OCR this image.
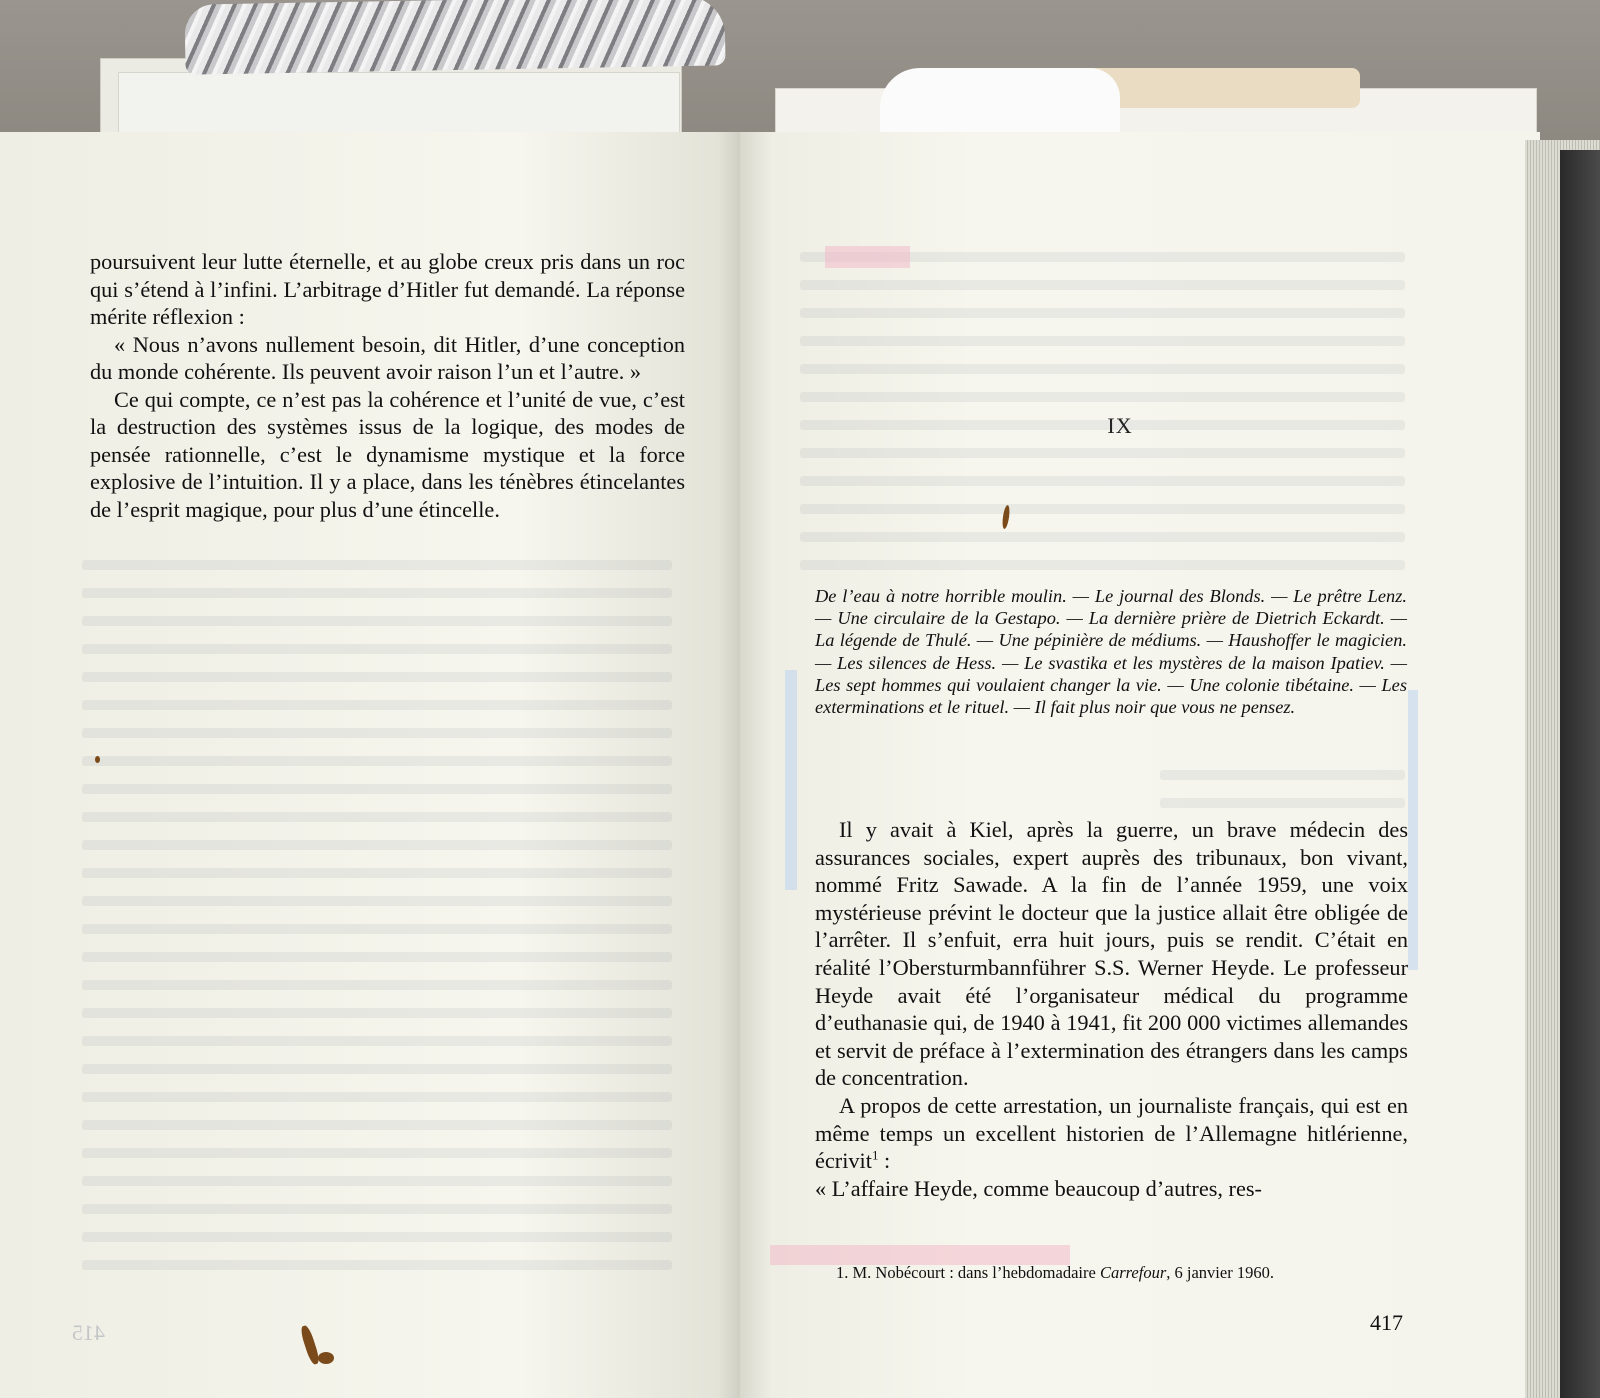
poursuivent leur lutte éternelle, et au globe creux pris dans un roc qui s’étend à l’infini. L’arbitrage d’Hitler fut demandé. La réponse mérite réflexion :

« Nous n’avons nullement besoin, dit Hitler, d’une conception du monde cohérente. Ils peuvent avoir raison l’un et l’autre. »

Ce qui compte, ce n’est pas la cohérence et l’unité de vue, c’est la destruction des systèmes issus de la logique, des modes de pensée rationnelle, c’est le dynamisme mystique et la force explosive de l’intuition. Il y a place, dans les ténèbres étincelantes de l’esprit magique, pour plus d’une étincelle.

415
IX
De l’eau à notre horrible moulin. — Le journal des Blonds. — Le prêtre Lenz. — Une circulaire de la Gestapo. — La dernière prière de Dietrich Eckardt. — La légende de Thulé. — Une pépinière de médiums. — Haushoffer le magicien. — Les silences de Hess. — Le svastika et les mystères de la maison Ipatiev. — Les sept hommes qui voulaient changer la vie. — Une colonie tibétaine. — Les exterminations et le rituel. — Il fait plus noir que vous ne pensez.

Il y avait à Kiel, après la guerre, un brave médecin des assurances sociales, expert auprès des tribunaux, bon vivant, nommé Fritz Sawade. A la fin de l’année 1959, une voix mystérieuse prévint le docteur que la justice allait être obligée de l’arrêter. Il s’enfuit, erra huit jours, puis se rendit. C’était en réalité l’Obersturmbannführer S.S. Werner Heyde. Le professeur Heyde avait été l’organisateur médical du programme d’euthanasie qui, de 1940 à 1941, fit 200 000 victimes allemandes et servit de préface à l’extermination des étrangers dans les camps de concentration.

A propos de cette arrestation, un journaliste français, qui est en même temps un excellent historien de l’Allemagne hitlérienne, écrivit$^1$ :

« L’affaire Heyde, comme beaucoup d’autres, res-

1. M. Nobécourt : dans l’hebdomadaire Carrefour, 6 janvier 1960.
417
